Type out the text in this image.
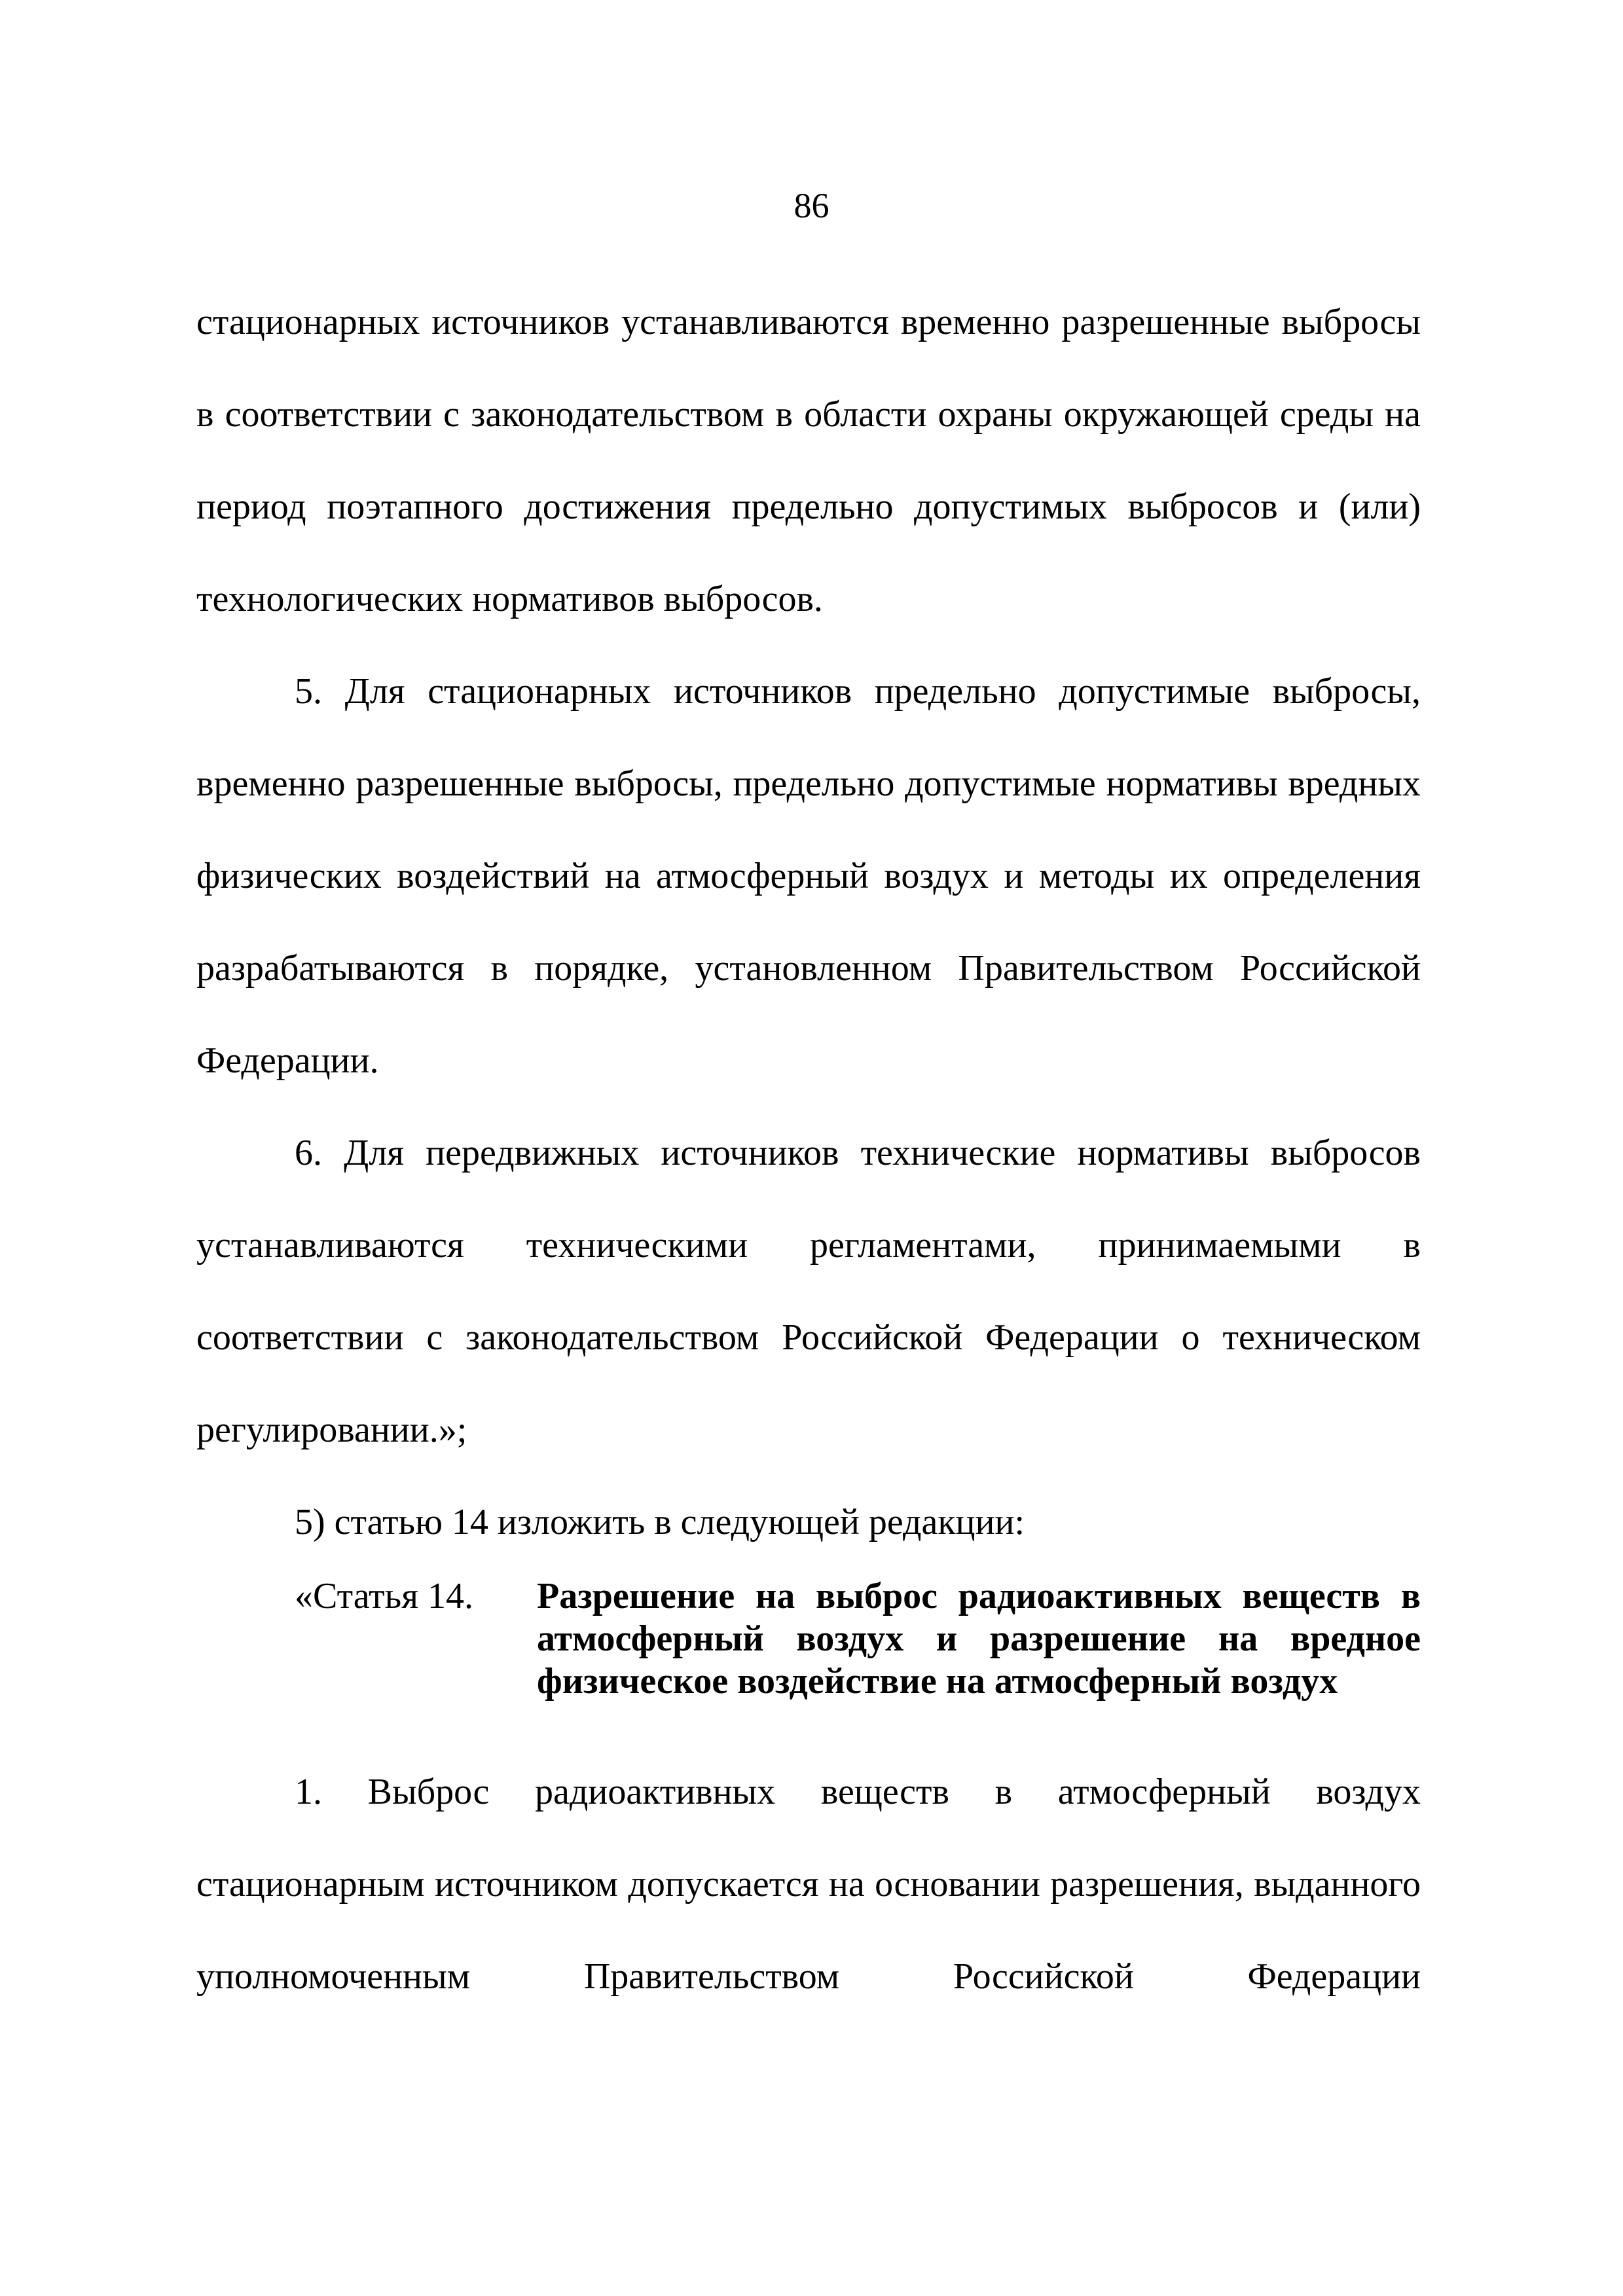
86

стационарных источников устанавливаются временно разрешенные выбросы в соответствии с законодательством в области охраны окружающей среды на период поэтапного достижения предельно допустимых выбросов и (или) технологических нормативов выбросов.

5. Для стационарных источников предельно допустимые выбросы, временно разрешенные выбросы, предельно допустимые нормативы вредных физических воздействий на атмосферный воздух и методы их определения разрабатываются в порядке, установленном Правительством Российской Федерации.

6. Для передвижных источников технические нормативы выбросов устанавливаются техническими регламентами, принимаемыми в соответствии с законодательством Российской Федерации о техническом регулировании.»;

5) статью 14 изложить в следующей редакции:

«Статья 14.	Разрешение на выброс радиоактивных веществ в
атмосферный воздух и разрешение на вредное
физическое воздействие на атмосферный воздух

1. Выброс радиоактивных веществ в атмосферный воздух стационарным источником допускается на основании разрешения, выданного уполномоченным Правительством Российской Федерации
